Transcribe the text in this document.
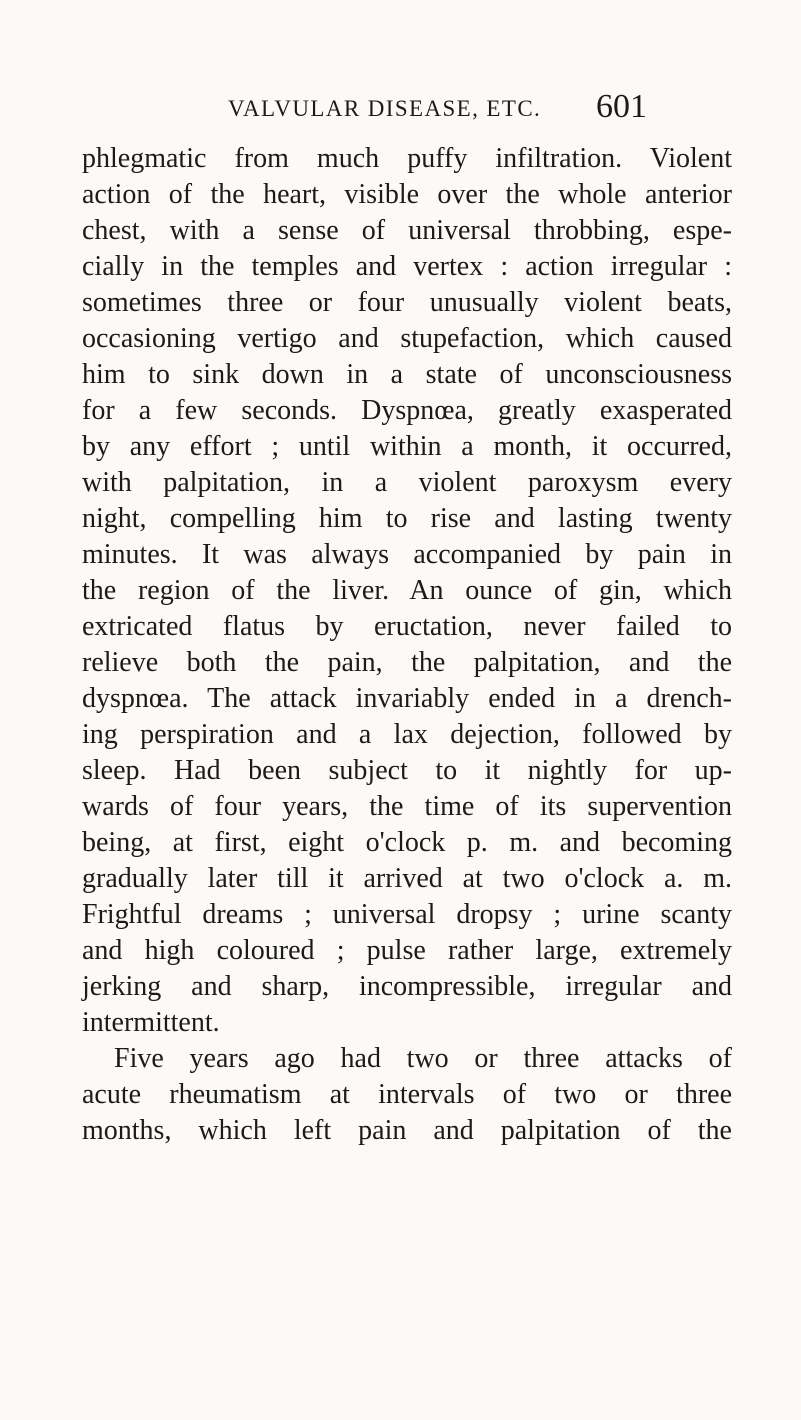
VALVULAR DISEASE, ETC. 601
phlegmatic from much puffy infiltration. Violent
action of the heart, visible over the whole anterior
chest, with a sense of universal throbbing, espe-
cially in the temples and vertex : action irregular :
sometimes three or four unusually violent beats,
occasioning vertigo and stupefaction, which caused
him to sink down in a state of unconsciousness
for a few seconds. Dyspnœa, greatly exasperated
by any effort ; until within a month, it occurred,
with palpitation, in a violent paroxysm every
night, compelling him to rise and lasting twenty
minutes. It was always accompanied by pain in
the region of the liver. An ounce of gin, which
extricated flatus by eructation, never failed to
relieve both the pain, the palpitation, and the
dyspnœa. The attack invariably ended in a drench-
ing perspiration and a lax dejection, followed by
sleep. Had been subject to it nightly for up-
wards of four years, the time of its supervention
being, at first, eight o'clock p. m. and becoming
gradually later till it arrived at two o'clock a. m.
Frightful dreams ; universal dropsy ; urine scanty
and high coloured ; pulse rather large, extremely
jerking and sharp, incompressible, irregular and
intermittent.
Five years ago had two or three attacks of
acute rheumatism at intervals of two or three
months, which left pain and palpitation of the
